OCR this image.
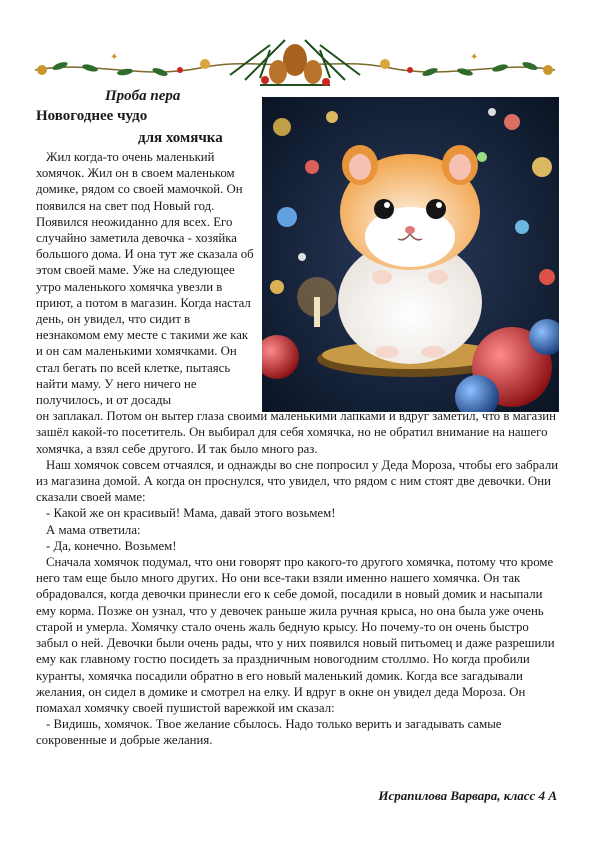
✦	✦
Проба пера
Новогоднее чудо
для хомячка

Жил когда-то очень маленький хомячок. Жил он в своем маленьком домике, рядом со своей мамочкой. Он появился на свет под Новый год. Появился неожиданно для всех. Его случайно заметила девочка - хозяйка большого дома. И она тут же сказала об этом своей маме. Уже на следующее утро маленького хомячка увезли в приют, а потом в магазин. Когда настал день, он увидел, что сидит в незнакомом ему месте с такими же как и он сам маленькими хомячками. Он стал бегать по всей клетке, пытаясь найти маму. У него ничего не получилось, и от досады

он заплакал. Потом он вытер глаза своими маленькими лапками и вдруг заметил, что в магазин зашёл какой-то посетитель. Он выбирал для себя хомячка, но не обратил внимание на нашего хомячка, а взял себе другого. И так было много раз.

Наш хомячок совсем отчаялся, и однажды во сне попросил у Деда Мороза, чтобы его забрали из магазина домой. А когда он проснулся, что увидел, что рядом с ним стоят две девочки. Они сказали своей маме:

- Какой же он красивый! Мама, давай этого возьмем!

А мама ответила:

- Да, конечно. Возьмем!

Сначала хомячок подумал, что они говорят про какого-то другого хомячка, потому что кроме него там еще было много других. Но они все-таки взяли именно нашего хомячка. Он так обрадовался, когда девочки принесли его к себе домой, посадили в новый домик и насыпали ему корма. Позже он узнал, что у девочек раньше жила ручная крыса, но она была уже очень старой и умерла. Хомячку стало очень жаль бедную крысу. Но почему-то он очень быстро забыл о ней. Девочки были очень рады, что у них появился новый питьомец и даже разрешили ему как главному гостю посидеть за праздничным новогодним столлмо. Но когда пробили куранты, хомячка посадили обратно в его новый маленький домик. Когда все загадывали желания, он сидел в домике и смотрел на елку. И вдруг в окне он увидел деда Мороза. Он помахал хомячку своей пушистой варежкой им сказал:

- Видишь, хомячок. Твое желание сбылось. Надо только верить и загадывать самые сокровенные и добрые желания.

Исрапилова Варвара, класс 4 А
